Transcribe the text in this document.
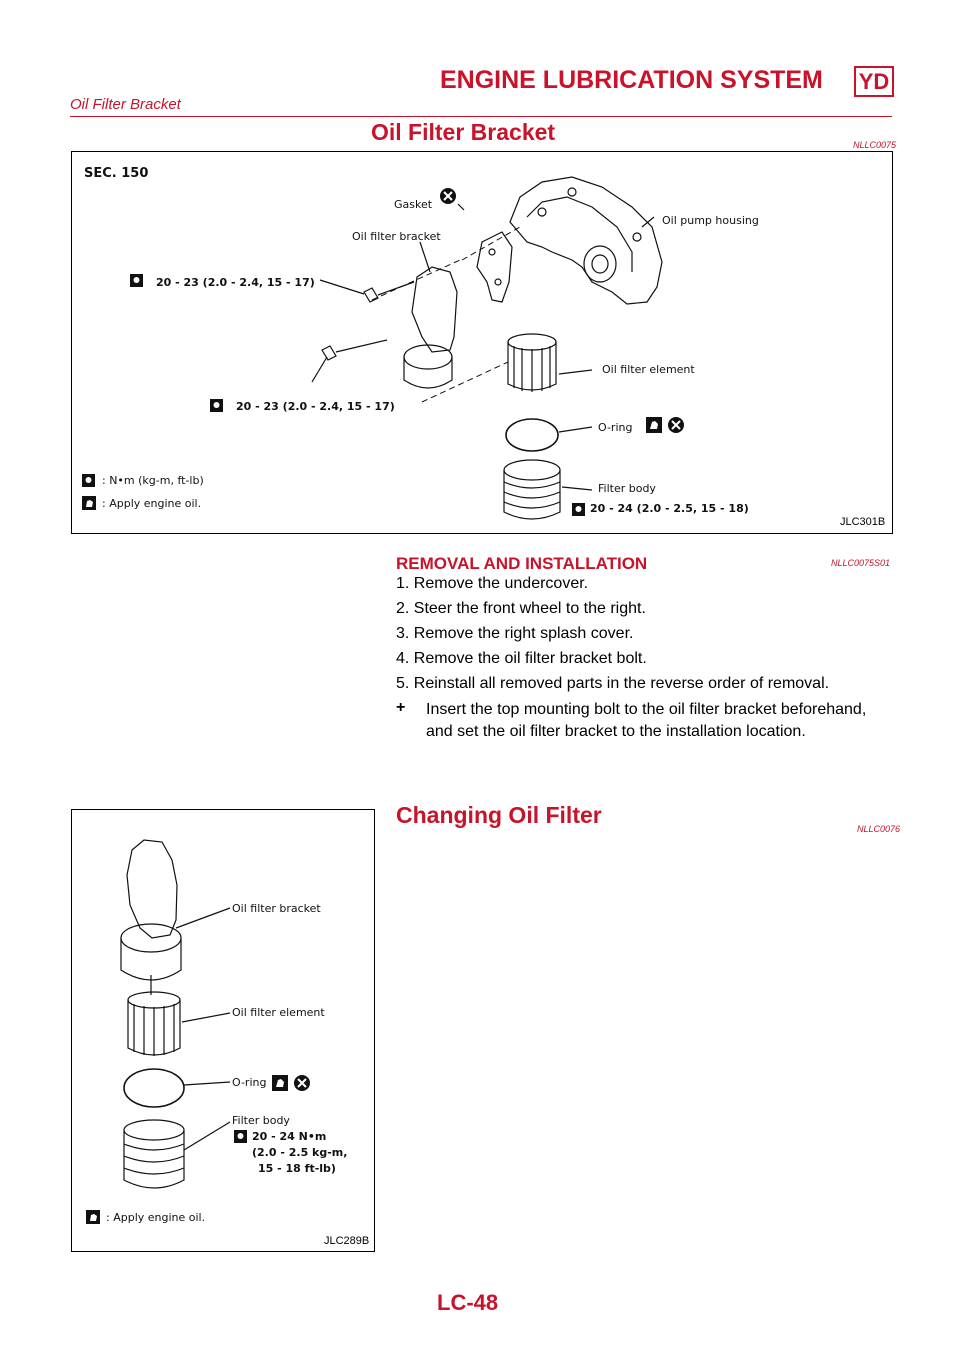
ENGINE LUBRICATION SYSTEM YD
Oil Filter Bracket
Oil Filter Bracket	NLLC0075
SEC. 150
Gasket
Oil filter bracket
Oil pump housing
20 - 23 (2.0 - 2.4, 15 - 17)
20 - 23 (2.0 - 2.4, 15 - 17)
Oil filter element
O-ring
Filter body
20 - 24 (2.0 - 2.5, 15 - 18)
: N•m (kg-m, ft-lb)
: Apply engine oil.
JLC301B
REMOVAL AND INSTALLATION	NLLC0075S01
1. Remove the undercover.
2. Steer the front wheel to the right.
3. Remove the right splash cover.
4. Remove the oil filter bracket bolt.
5. Reinstall all removed parts in the reverse order of removal.
+ Insert the top mounting bolt to the oil filter bracket beforehand, and set the oil filter bracket to the installation location.
Changing Oil Filter
NLLC0076
Oil filter bracket
Oil filter element
O-ring
Filter body
20 - 24 N•m
(2.0 - 2.5 kg-m,
15 - 18 ft-lb)
: Apply engine oil.
JLC289B
LC-48
